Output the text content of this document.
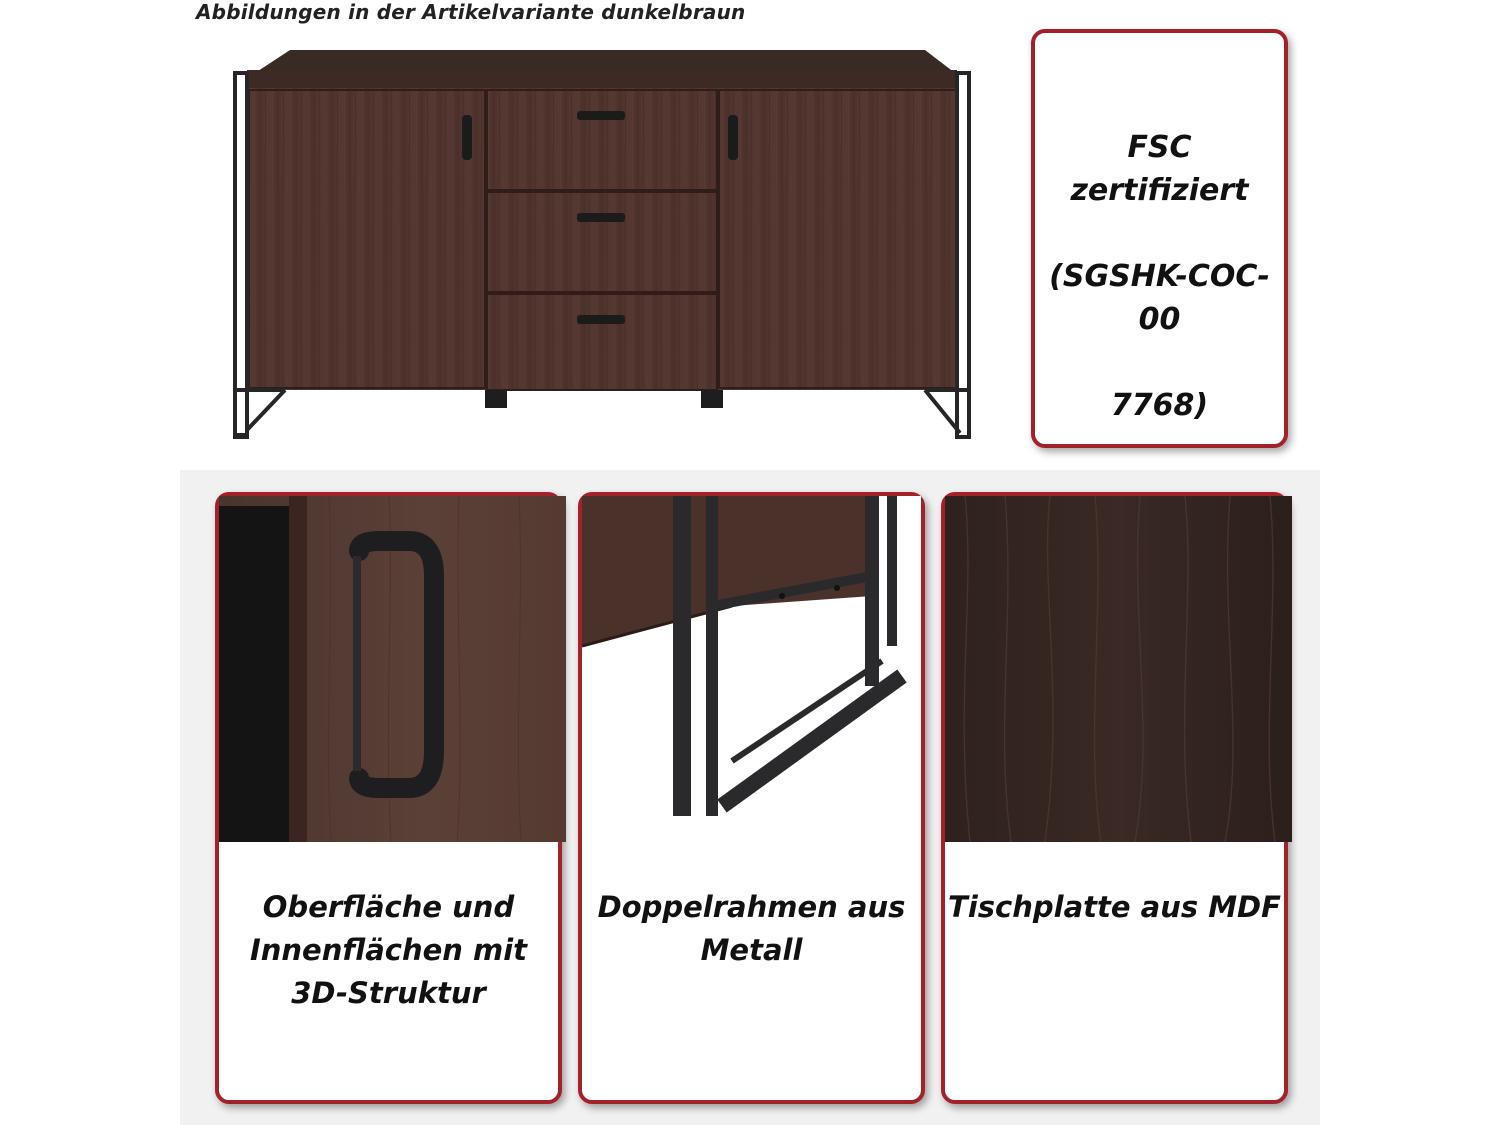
Abbildungen in der Artikelvariante dunkelbraun

FSC zertifiziert

(SGSHK-COC-00

7768)

Oberfläche und
Innenflächen mit
3D-Struktur
Doppelrahmen aus
Metall
Tischplatte aus MDF
